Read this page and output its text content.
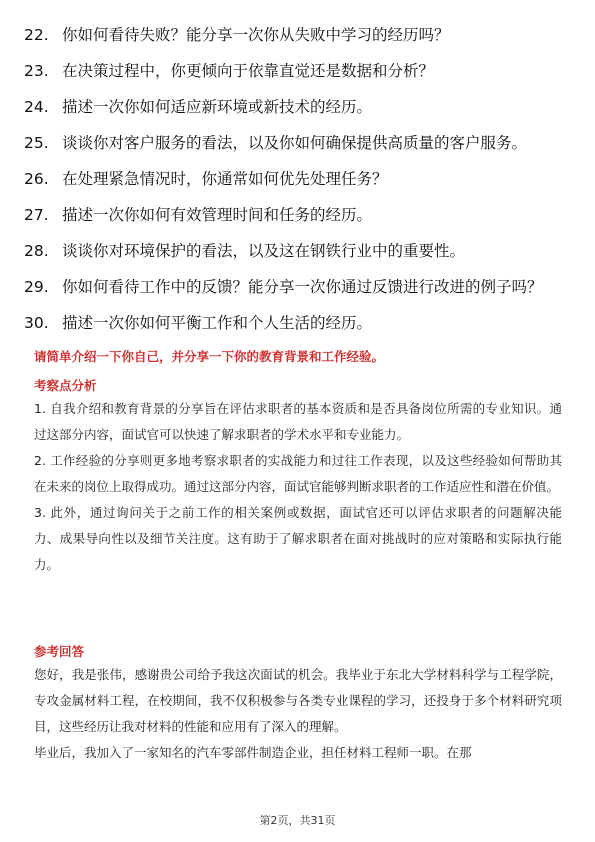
22. 你如何看待失败？能分享一次你从失败中学习的经历吗？
23. 在决策过程中，你更倾向于依靠直觉还是数据和分析？
24. 描述一次你如何适应新环境或新技术的经历。
25. 谈谈你对客户服务的看法，以及你如何确保提供高质量的客户服务。
26. 在处理紧急情况时，你通常如何优先处理任务？
27. 描述一次你如何有效管理时间和任务的经历。
28. 谈谈你对环境保护的看法，以及这在钢铁行业中的重要性。
29. 你如何看待工作中的反馈？能分享一次你通过反馈进行改进的例子吗？
30. 描述一次你如何平衡工作和个人生活的经历。
请简单介绍一下你自己，并分享一下你的教育背景和工作经验。
考察点分析
1. 自我介绍和教育背景的分享旨在评估求职者的基本资质和是否具备岗位所需的专业知识。通过这部分内容，面试官可以快速了解求职者的学术水平和专业能力。
2. 工作经验的分享则更多地考察求职者的实战能力和过往工作表现，以及这些经验如何帮助其在未来的岗位上取得成功。通过这部分内容，面试官能够判断求职者的工作适应性和潜在价值。
3. 此外，通过询问关于之前工作的相关案例或数据，面试官还可以评估求职者的问题解决能力、成果导向性以及细节关注度。这有助于了解求职者在面对挑战时的应对策略和实际执行能力。
参考回答
您好，我是张伟，感谢贵公司给予我这次面试的机会。我毕业于东北大学材料科学与工程学院，专攻金属材料工程，在校期间，我不仅积极参与各类专业课程的学习，还投身于多个材料研究项目，这些经历让我对材料的性能和应用有了深入的理解。
毕业后，我加入了一家知名的汽车零部件制造企业，担任材料工程师一职。在那
第2页，共31页
